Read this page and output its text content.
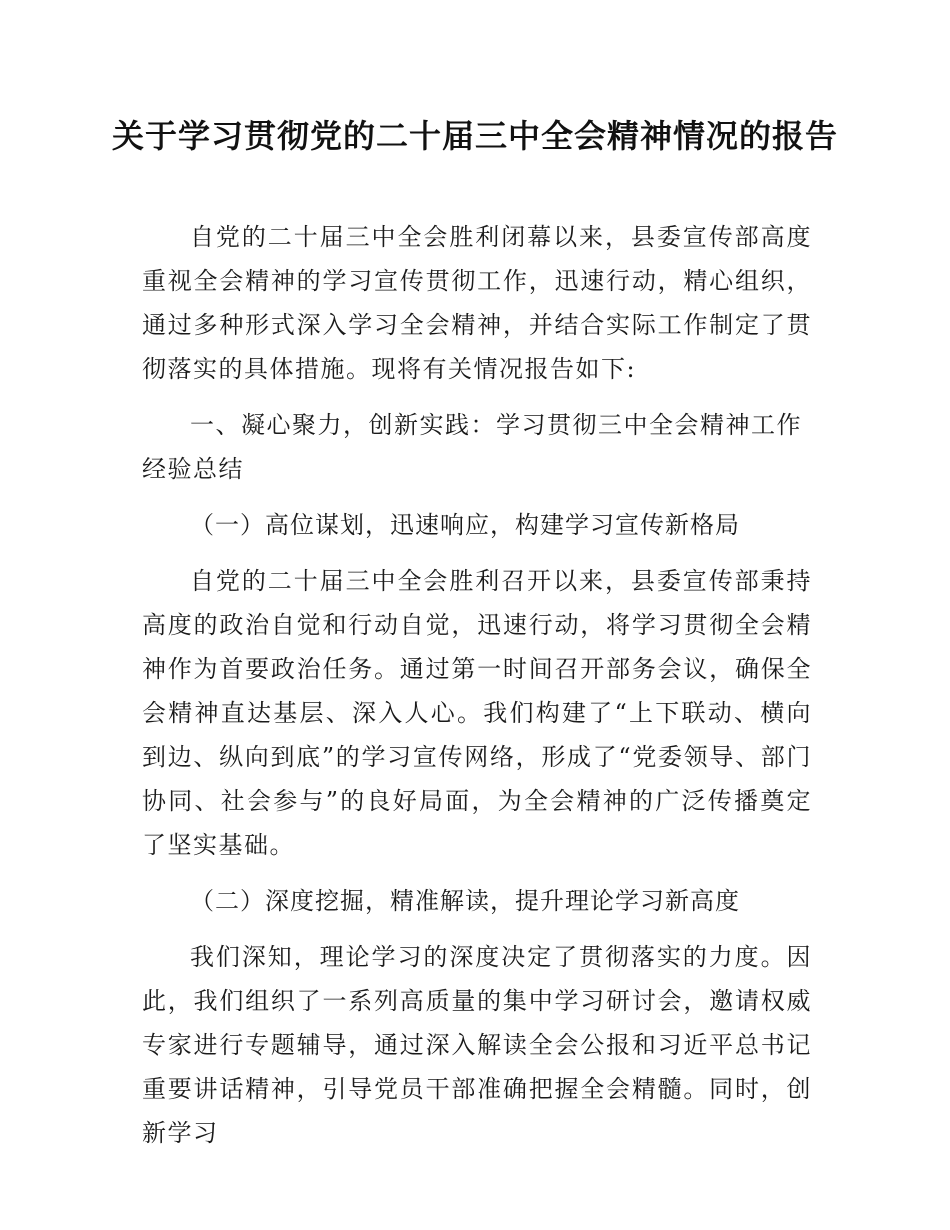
关于学习贯彻党的二十届三中全会精神情况的报告

自党的二十届三中全会胜利闭幕以来，县委宣传部高度重视全会精神的学习宣传贯彻工作，迅速行动，精心组织，通过多种形式深入学习全会精神，并结合实际工作制定了贯彻落实的具体措施。现将有关情况报告如下:

一、凝心聚力，创新实践：学习贯彻三中全会精神工作经验总结

（一）高位谋划，迅速响应，构建学习宣传新格局

自党的二十届三中全会胜利召开以来，县委宣传部秉持高度的政治自觉和行动自觉，迅速行动，将学习贯彻全会精神作为首要政治任务。通过第一时间召开部务会议，确保全会精神直达基层、深入人心。我们构建了“上下联动、横向到边、纵向到底”的学习宣传网络，形成了“党委领导、部门协同、社会参与”的良好局面，为全会精神的广泛传播奠定了坚实基础。

（二）深度挖掘，精准解读，提升理论学习新高度

我们深知，理论学习的深度决定了贯彻落实的力度。因此，我们组织了一系列高质量的集中学习研讨会，邀请权威专家进行专题辅导，通过深入解读全会公报和习近平总书记重要讲话精神，引导党员干部准确把握全会精髓。同时，创新学习
